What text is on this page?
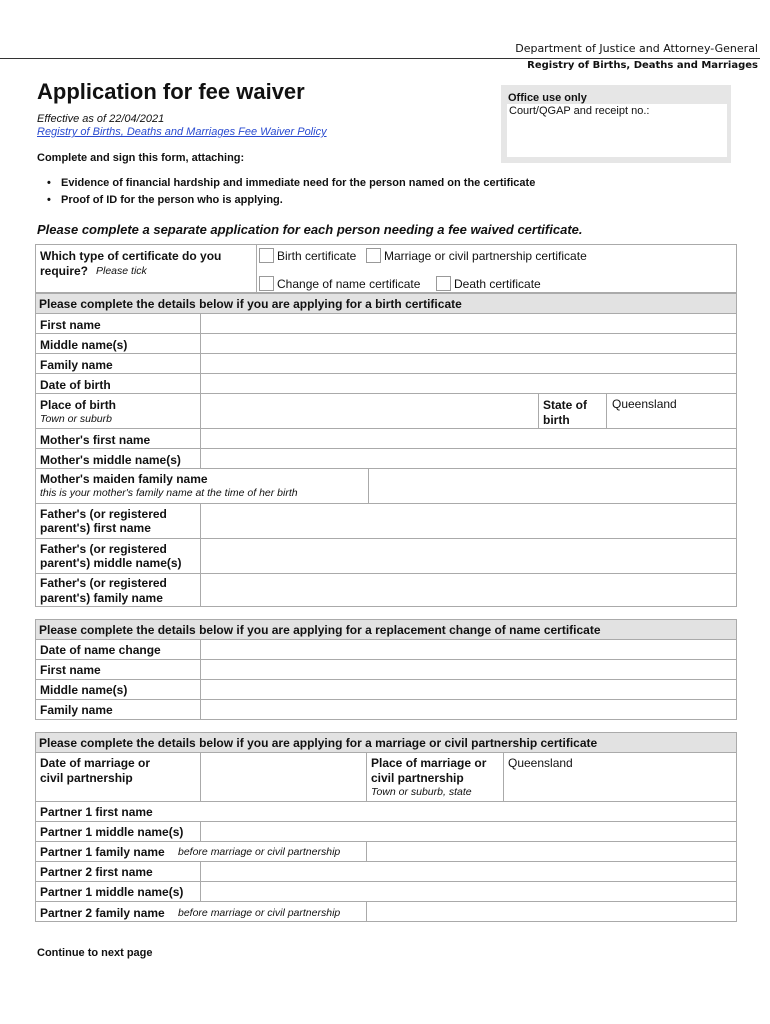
Department of Justice and Attorney-General
Registry of Births, Deaths and Marriages
Application for fee waiver
Effective as of 22/04/2021
Registry of Births, Deaths and Marriages Fee Waiver Policy
Office use only
Court/QGAP and receipt no.:
Complete and sign this form, attaching:
• Evidence of financial hardship and immediate need for the person named on the certificate
• Proof of ID for the person who is applying.
Please complete a separate application for each person needing a fee waived certificate.
Which type of certificate do you
require? Please tick
Birth certificate Marriage or civil partnership certificate
Change of name certificate	Death certificate
Please complete the details below if you are applying for a birth certificate
First name
Middle name(s)
Family name
Date of birth
Place of birth
Town or suburb
State of
birth
Queensland
Mother's first name
Mother's middle name(s)
Mother's maiden family name
this is your mother's family name at the time of her birth
Father's (or registered
parent's) first name
Father's (or registered
parent's) middle name(s)
Father's (or registered
parent's) family name
Please complete the details below if you are applying for a replacement change of name certificate
Date of name change
First name
Middle name(s)
Family name
Please complete the details below if you are applying for a marriage or civil partnership certificate
Date of marriage or
civil partnership
Place of marriage or
civil partnership
Town or suburb, state
Queensland
Partner 1 first name
Partner 1 middle name(s)
Partner 1 family name before marriage or civil partnership
Partner 2 first name
Partner 1 middle name(s)
Partner 2 family name before marriage or civil partnership
Continue to next page
